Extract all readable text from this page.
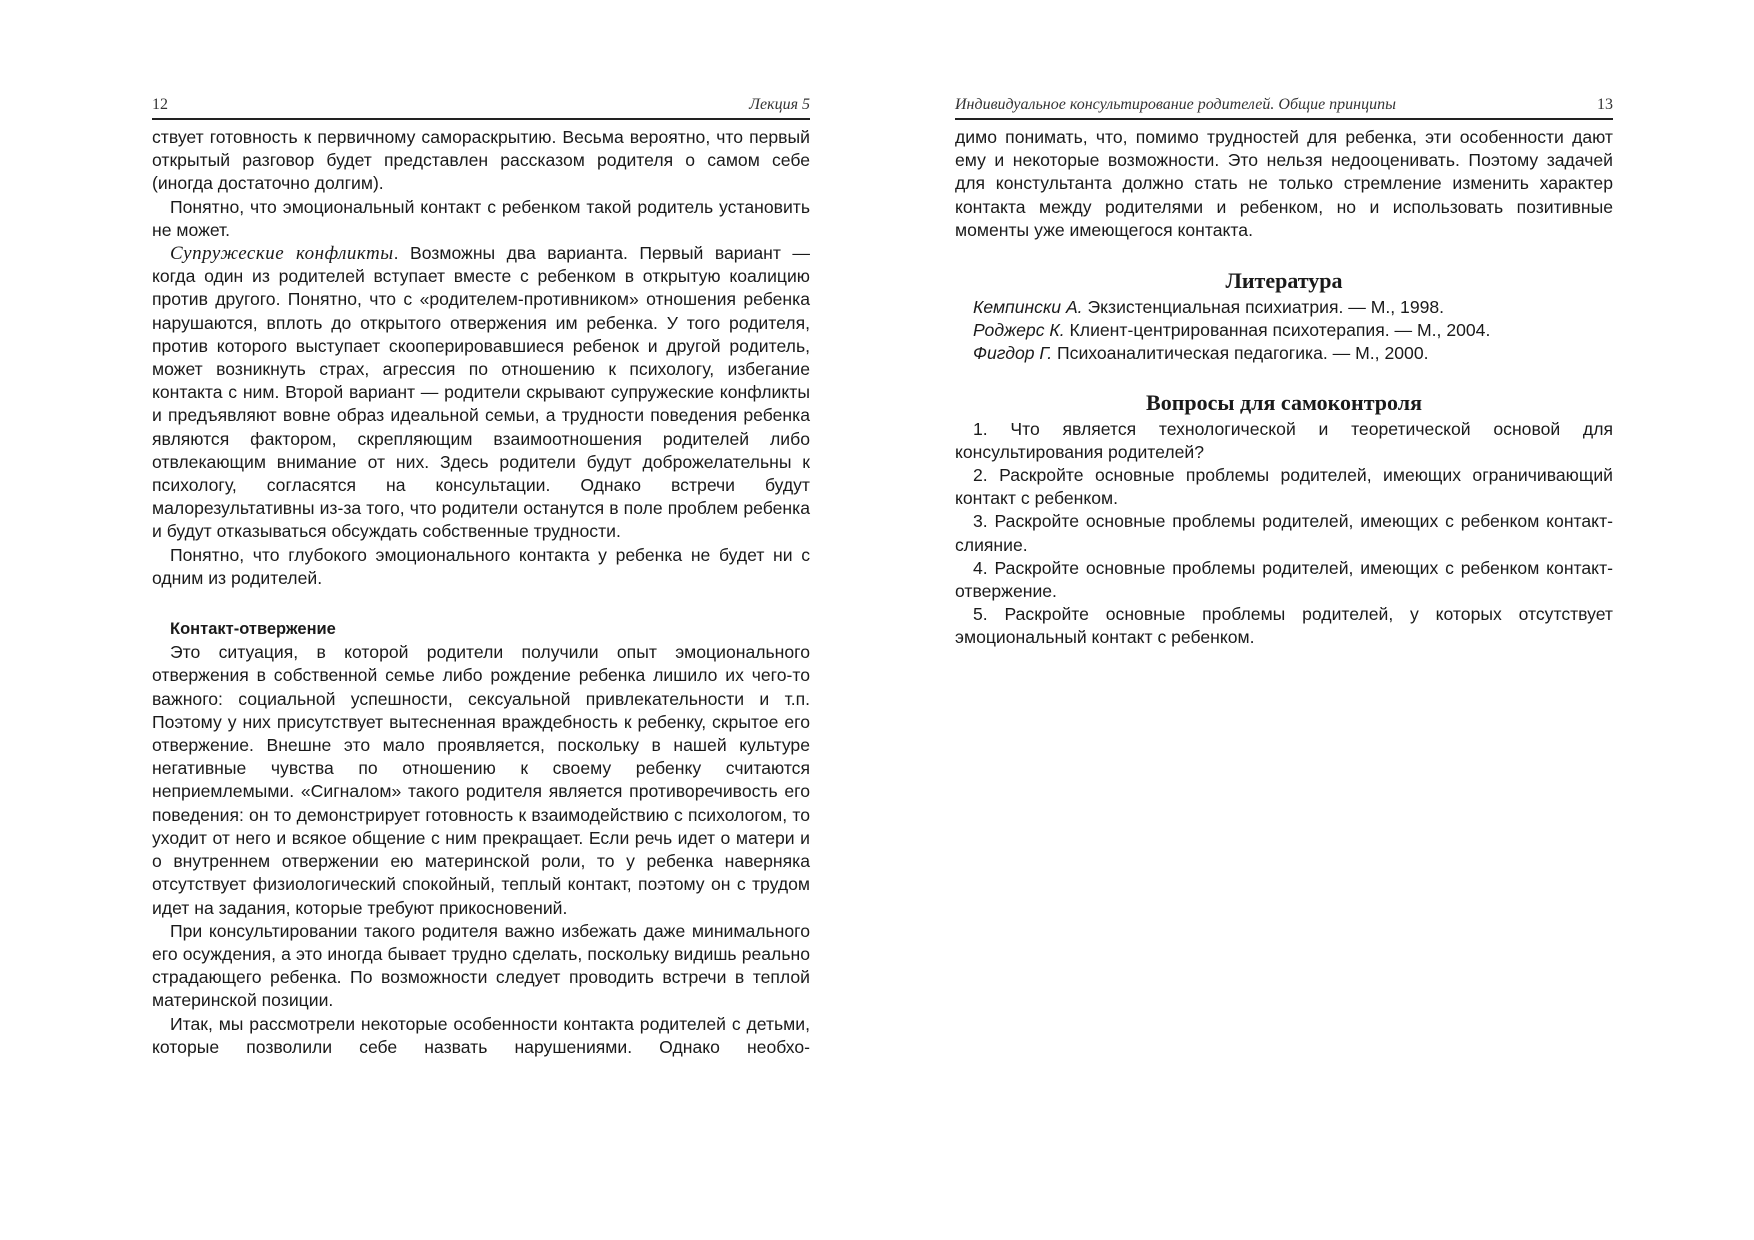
12	Лекция 5

ствует готовность к первичному самораскрытию. Весьма вероятно, что первый открытый разговор будет представлен рассказом родителя о самом себе (иногда достаточно долгим).

Понятно, что эмоциональный контакт с ребенком такой родитель установить не может.

Супружеские конфликты. Возможны два варианта. Первый вариант — когда один из родителей вступает вместе с ребенком в открытую коалицию против другого. Понятно, что с «родителем-противником» отношения ребенка нарушаются, вплоть до открытого отвержения им ребенка. У того родителя, против которого выступает скооперировавшиеся ребенок и другой родитель, может возникнуть страх, агрессия по отношению к психологу, избегание контакта с ним. Второй вариант — родители скрывают супружеские конфликты и предъявляют вовне образ идеальной семьи, а трудности поведения ребенка являются фактором, скрепляющим взаимоотношения родителей либо отвлекающим внимание от них. Здесь родители будут доброжелательны к психологу, согласятся на консультации. Однако встречи будут малорезультативны из-за того, что родители останутся в поле проблем ребенка и будут отказываться обсуждать собственные трудности.

Понятно, что глубокого эмоционального контакта у ребенка не будет ни с одним из родителей.

Контакт-отвержение

Это ситуация, в которой родители получили опыт эмоционального отвержения в собственной семье либо рождение ребенка лишило их чего-то важного: социальной успешности, сексуальной привлекательности и т.п. Поэтому у них присутствует вытесненная враждебность к ребенку, скрытое его отвержение. Внешне это мало проявляется, поскольку в нашей культуре негативные чувства по отношению к своему ребенку считаются неприемлемыми. «Сигналом» такого родителя является противоречивость его поведения: он то демонстрирует готовность к взаимодействию с психологом, то уходит от него и всякое общение с ним прекращает. Если речь идет о матери и о внутреннем отвержении ею материнской роли, то у ребенка наверняка отсутствует физиологический спокойный, теплый контакт, поэтому он с трудом идет на задания, которые требуют прикосновений.

При консультировании такого родителя важно избежать даже минимального его осуждения, а это иногда бывает трудно сделать, поскольку видишь реально страдающего ребенка. По возможности следует проводить встречи в теплой материнской позиции.

Итак, мы рассмотрели некоторые особенности контакта родителей с детьми, которые позволили себе назвать нарушениями. Однако необхо-

Индивидуальное консультирование родителей. Общие принципы	13

димо понимать, что, помимо трудностей для ребенка, эти особенности дают ему и некоторые возможности. Это нельзя недооценивать. Поэтому задачей для констультанта должно стать не только стремление изменить характер контакта между родителями и ребенком, но и использовать позитивные моменты уже имеющегося контакта.

Литература

Кемпински А. Экзистенциальная психиатрия. — М., 1998.

Роджерс К. Клиент-центрированная психотерапия. — М., 2004.

Фигдор Г. Психоаналитическая педагогика. — М., 2000.

Вопросы для самоконтроля

1. Что является технологической и теоретической основой для консультирования родителей?

2. Раскройте основные проблемы родителей, имеющих ограничивающий контакт с ребенком.

3. Раскройте основные проблемы родителей, имеющих с ребенком контакт-слияние.

4. Раскройте основные проблемы родителей, имеющих с ребенком контакт-отвержение.

5. Раскройте основные проблемы родителей, у которых отсутствует эмоциональный контакт с ребенком.
